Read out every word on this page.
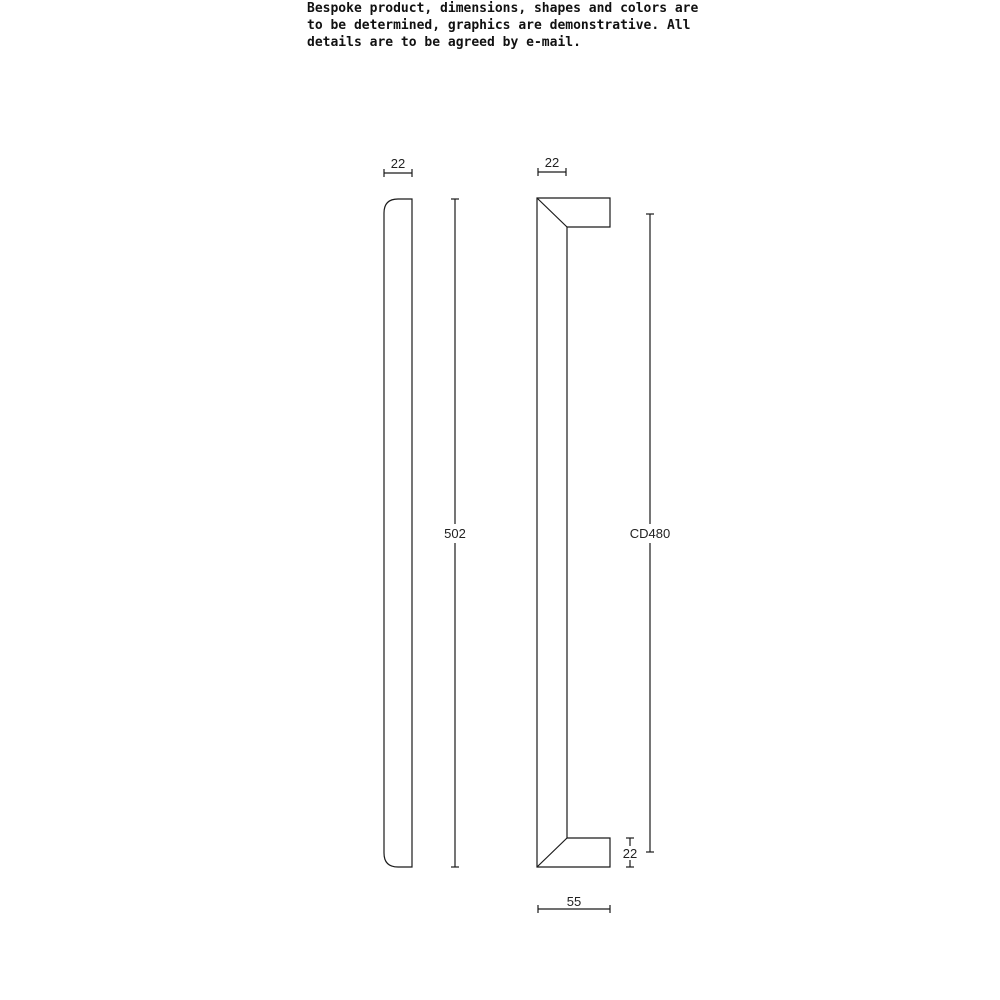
Bespoke product, dimensions, shapes and colors are
to be determined, graphics are demonstrative. All
details are to be agreed by e-mail.
22
502
22
CD480
22
55
